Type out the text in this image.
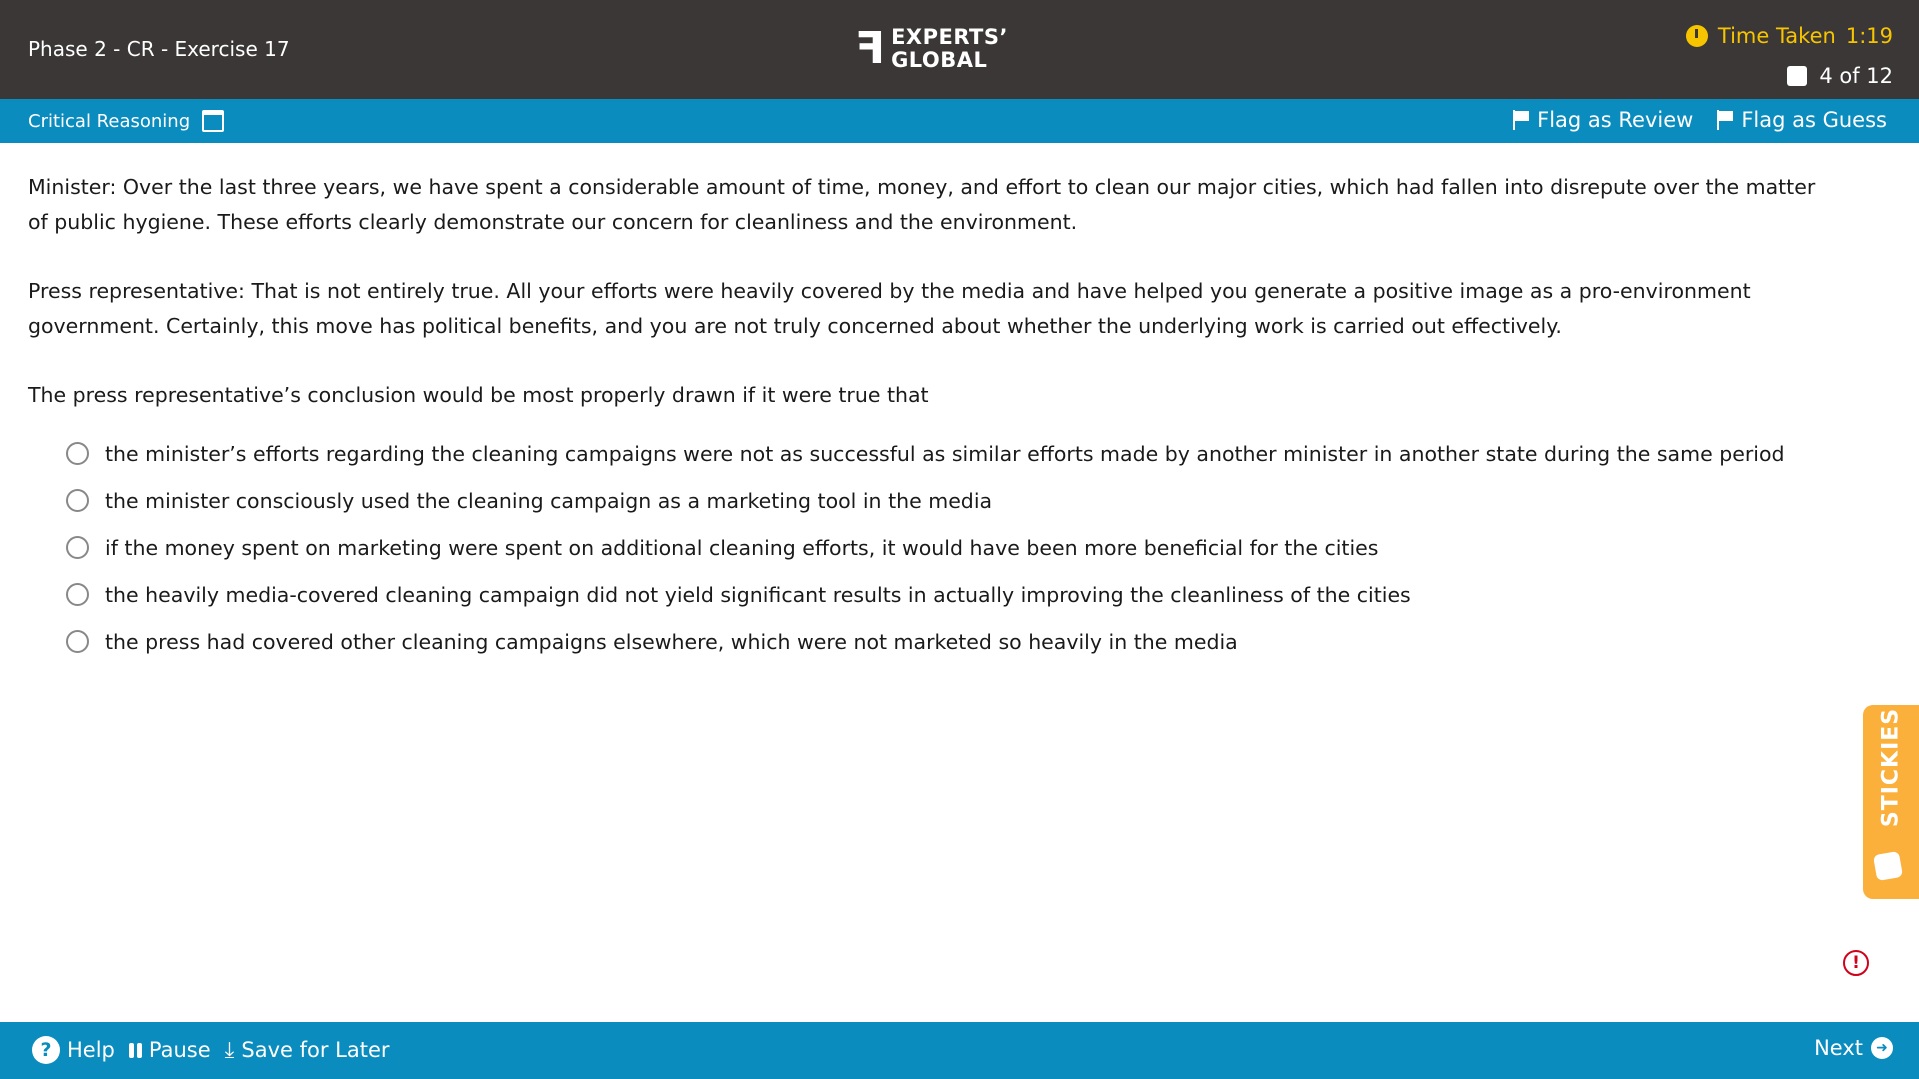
Phase 2 - CR - Exercise 17	ꟻ EXPERTS’
GLOBAL
Time Taken 1:19
4 of 12
Critical Reasoning	Flag as Review Flag as Guess

Minister: Over the last three years, we have spent a considerable amount of time, money, and effort to clean our major cities, which had fallen into disrepute over the matter of public hygiene. These efforts clearly demonstrate our concern for cleanliness and the environment.

Press representative: That is not entirely true. All your efforts were heavily covered by the media and have helped you generate a positive image as a pro-environment government. Certainly, this move has political benefits, and you are not truly concerned about whether the underlying work is carried out effectively.

The press representative’s conclusion would be most properly drawn if it were true that

the minister’s efforts regarding the cleaning campaigns were not as successful as similar efforts made by another minister in another state during the same period
the minister consciously used the cleaning campaign as a marketing tool in the media
if the money spent on marketing were spent on additional cleaning efforts, it would have been more beneficial for the cities
the heavily media-covered cleaning campaign did not yield significant results in actually improving the cleanliness of the cities
the press had covered other cleaning campaigns elsewhere, which were not marketed so heavily in the media
STICKIES
!
? Help Pause ⤓ Save for Later	Next ➜
